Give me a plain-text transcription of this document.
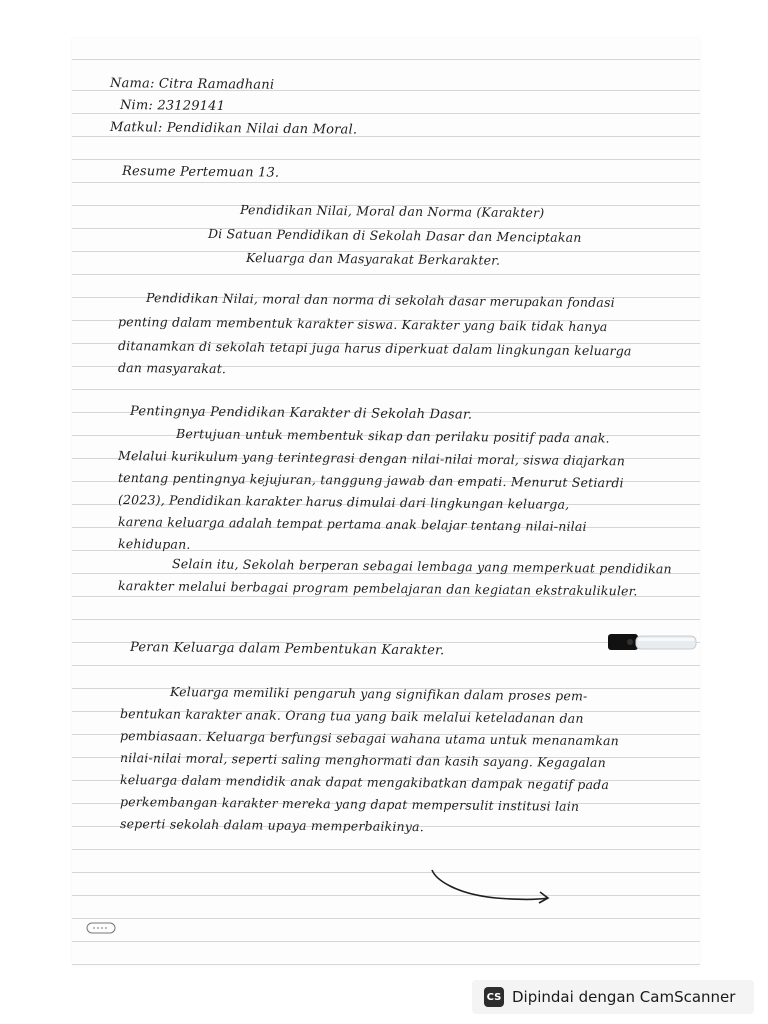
Nama: Citra Ramadhani
Nim: 23129141
Matkul: Pendidikan Nilai dan Moral.
Resume Pertemuan 13.
Pendidikan Nilai, Moral dan Norma (Karakter)
Di Satuan Pendidikan di Sekolah Dasar dan Menciptakan
Keluarga dan Masyarakat Berkarakter.
Pendidikan Nilai, moral dan norma di sekolah dasar merupakan fondasi
penting dalam membentuk karakter siswa. Karakter yang baik tidak hanya
ditanamkan di sekolah tetapi juga harus diperkuat dalam lingkungan keluarga
dan masyarakat.
Pentingnya Pendidikan Karakter di Sekolah Dasar.
Bertujuan untuk membentuk sikap dan perilaku positif pada anak.
Melalui kurikulum yang terintegrasi dengan nilai-nilai moral, siswa diajarkan
tentang pentingnya kejujuran, tanggung jawab dan empati. Menurut Setiardi
(2023), Pendidikan karakter harus dimulai dari lingkungan keluarga,
karena keluarga adalah tempat pertama anak belajar tentang nilai-nilai
kehidupan.
Selain itu, Sekolah berperan sebagai lembaga yang memperkuat pendidikan
karakter melalui berbagai program pembelajaran dan kegiatan ekstrakulikuler.
Peran Keluarga dalam Pembentukan Karakter.
Keluarga memiliki pengaruh yang signifikan dalam proses pem-
bentukan karakter anak. Orang tua yang baik melalui keteladanan dan
pembiasaan. Keluarga berfungsi sebagai wahana utama untuk menanamkan
nilai-nilai moral, seperti saling menghormati dan kasih sayang. Kegagalan
keluarga dalam mendidik anak dapat mengakibatkan dampak negatif pada
perkembangan karakter mereka yang dapat mempersulit institusi lain
seperti sekolah dalam upaya memperbaikinya.
CS Dipindai dengan CamScanner
